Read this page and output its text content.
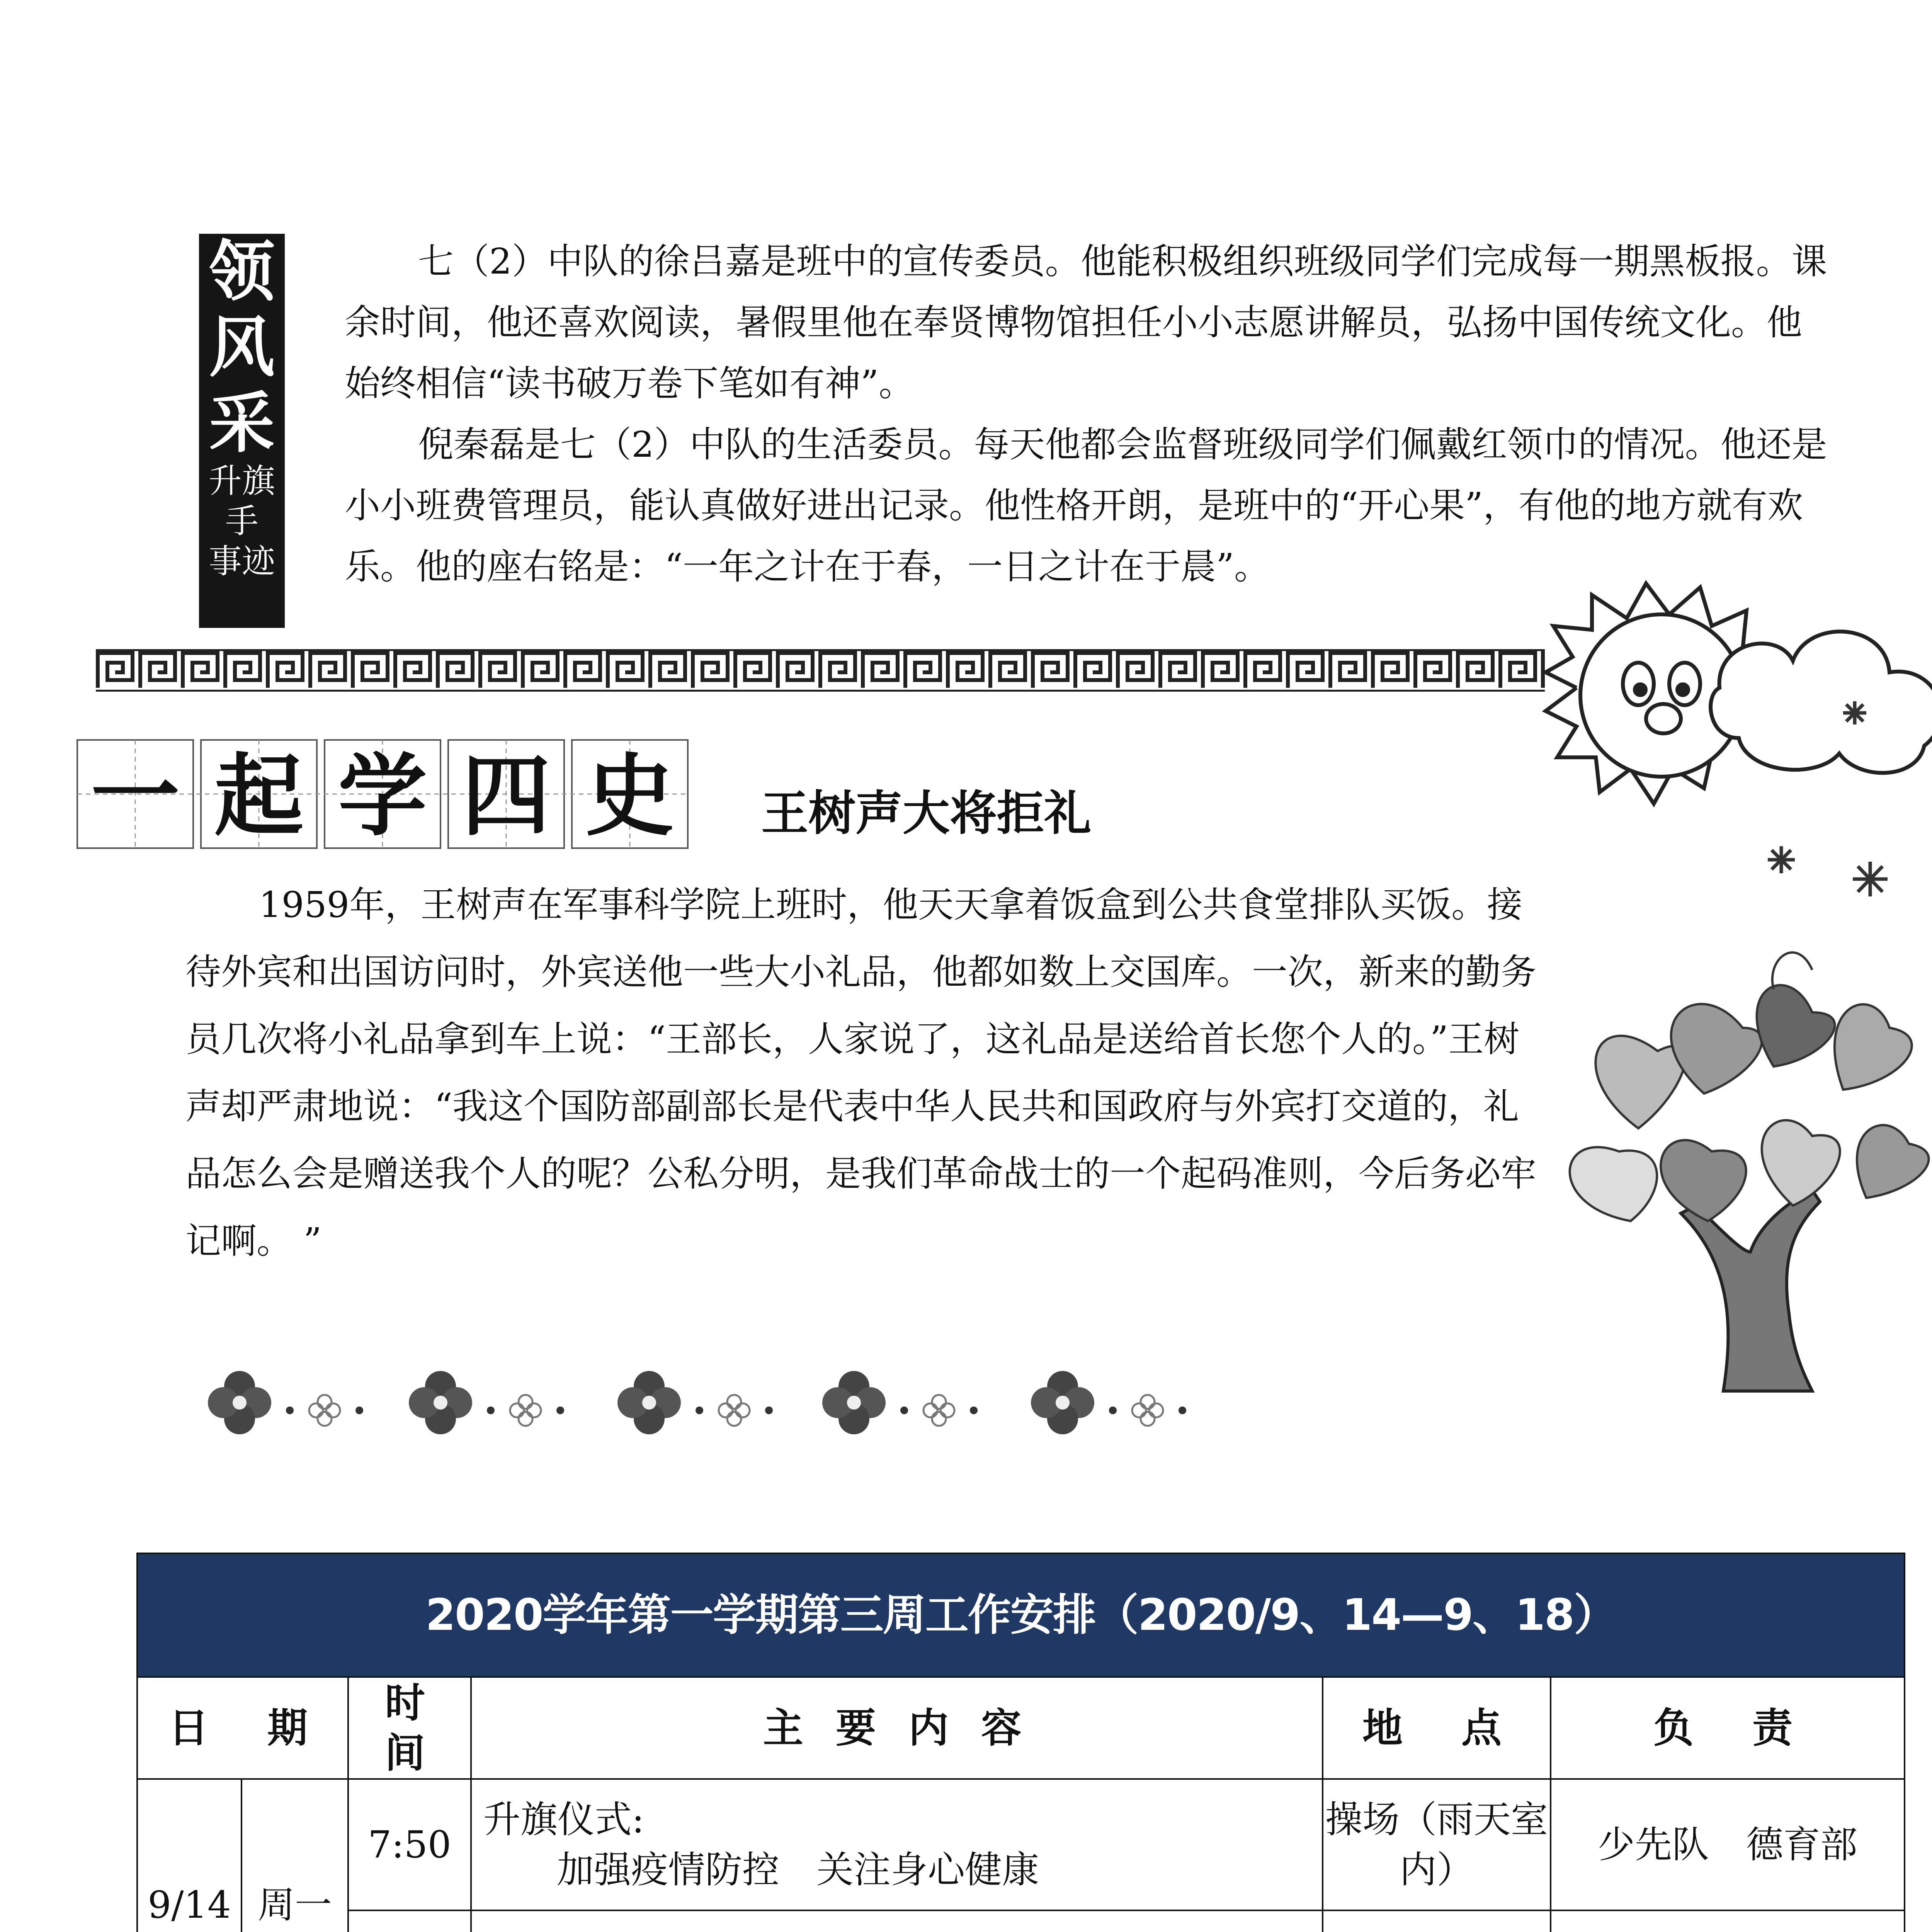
领
风
采
升旗手
事迹

七（2）中队的徐吕嘉是班中的宣传委员。他能积极组织班级同学们完成每一期黑板报。课余时间，他还喜欢阅读，暑假里他在奉贤博物馆担任小小志愿讲解员，弘扬中国传统文化。他始终相信“读书破万卷下笔如有神”。

倪秦磊是七（2）中队的生活委员。每天他都会监督班级同学们佩戴红领巾的情况。他还是小小班费管理员，能认真做好进出记录。他性格开朗，是班中的“开心果”，有他的地方就有欢乐。他的座右铭是：“一年之计在于春，一日之计在于晨”。

一 起 学 四 史 王树声大将拒礼

1959年，王树声在军事科学院上班时，他天天拿着饭盒到公共食堂排队买饭。接待外宾和出国访问时，外宾送他一些大小礼品，他都如数上交国库。一次，新来的勤务员几次将小礼品拿到车上说：“王部长，人家说了，这礼品是送给首长您个人的。”王树声却严肃地说：“我这个国防部副部长是代表中华人民共和国政府与外宾打交道的，礼品怎么会是赠送我个人的呢？公私分明，是我们革命战士的一个起码准则，今后务必牢记啊。 ”

2020学年第一学期第三周工作安排（2020/9、14—9、18）					
日　期		时 间	主 要 内 容	地　点	负　责
9/14	周一	7:50	升旗仪式:
加强疫情防控　关注身心健康	操场（雨天室内）	少先队　德育部
